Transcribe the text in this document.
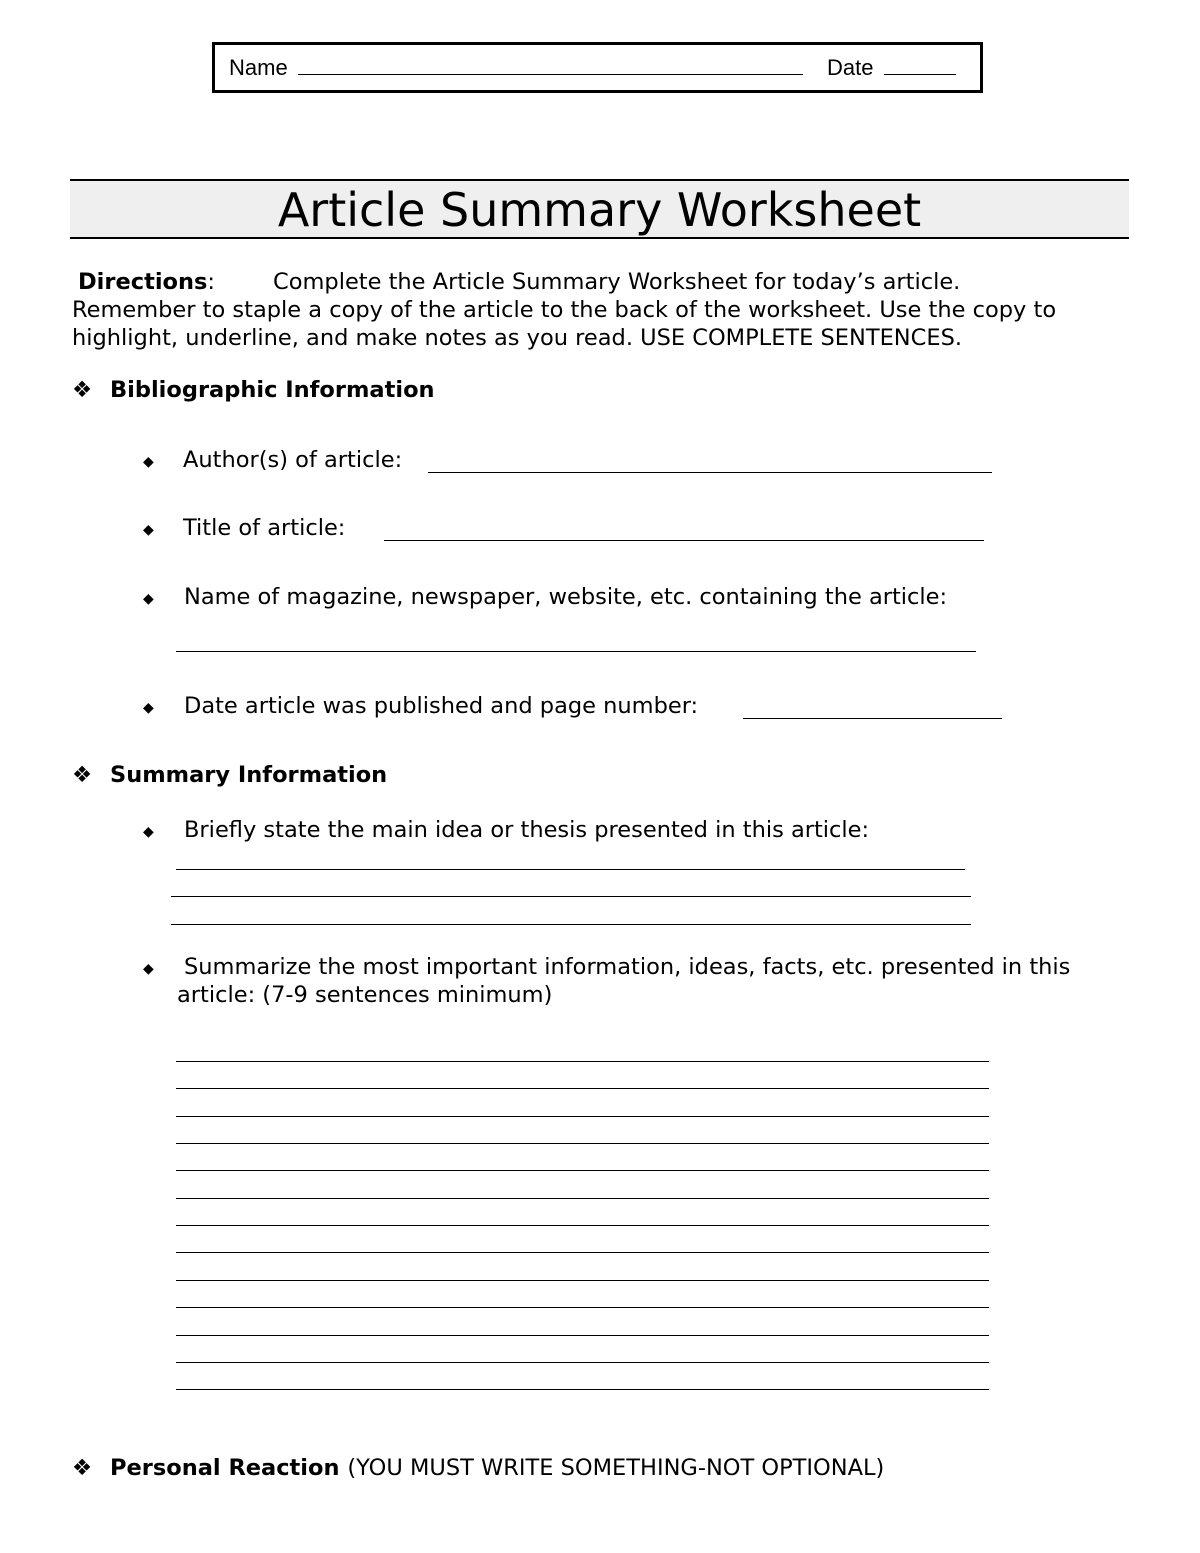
Name	Date
Article Summary Worksheet
Directions:	Complete the Article Summary Worksheet for today’s article.
Remember to staple a copy of the article to the back of the worksheet. Use the copy to
highlight, underline, and make notes as you read. USE COMPLETE SENTENCES.
❖ Bibliographic Information
◆ Author(s) of article:
◆ Title of article:
◆ Name of magazine, newspaper, website, etc. containing the article:
◆ Date article was published and page number:
❖ Summary Information
◆ Briefly state the main idea or thesis presented in this article:
◆ Summarize the most important information, ideas, facts, etc. presented in this
article: (7-9 sentences minimum)
❖ Personal Reaction (YOU MUST WRITE SOMETHING-NOT OPTIONAL)
